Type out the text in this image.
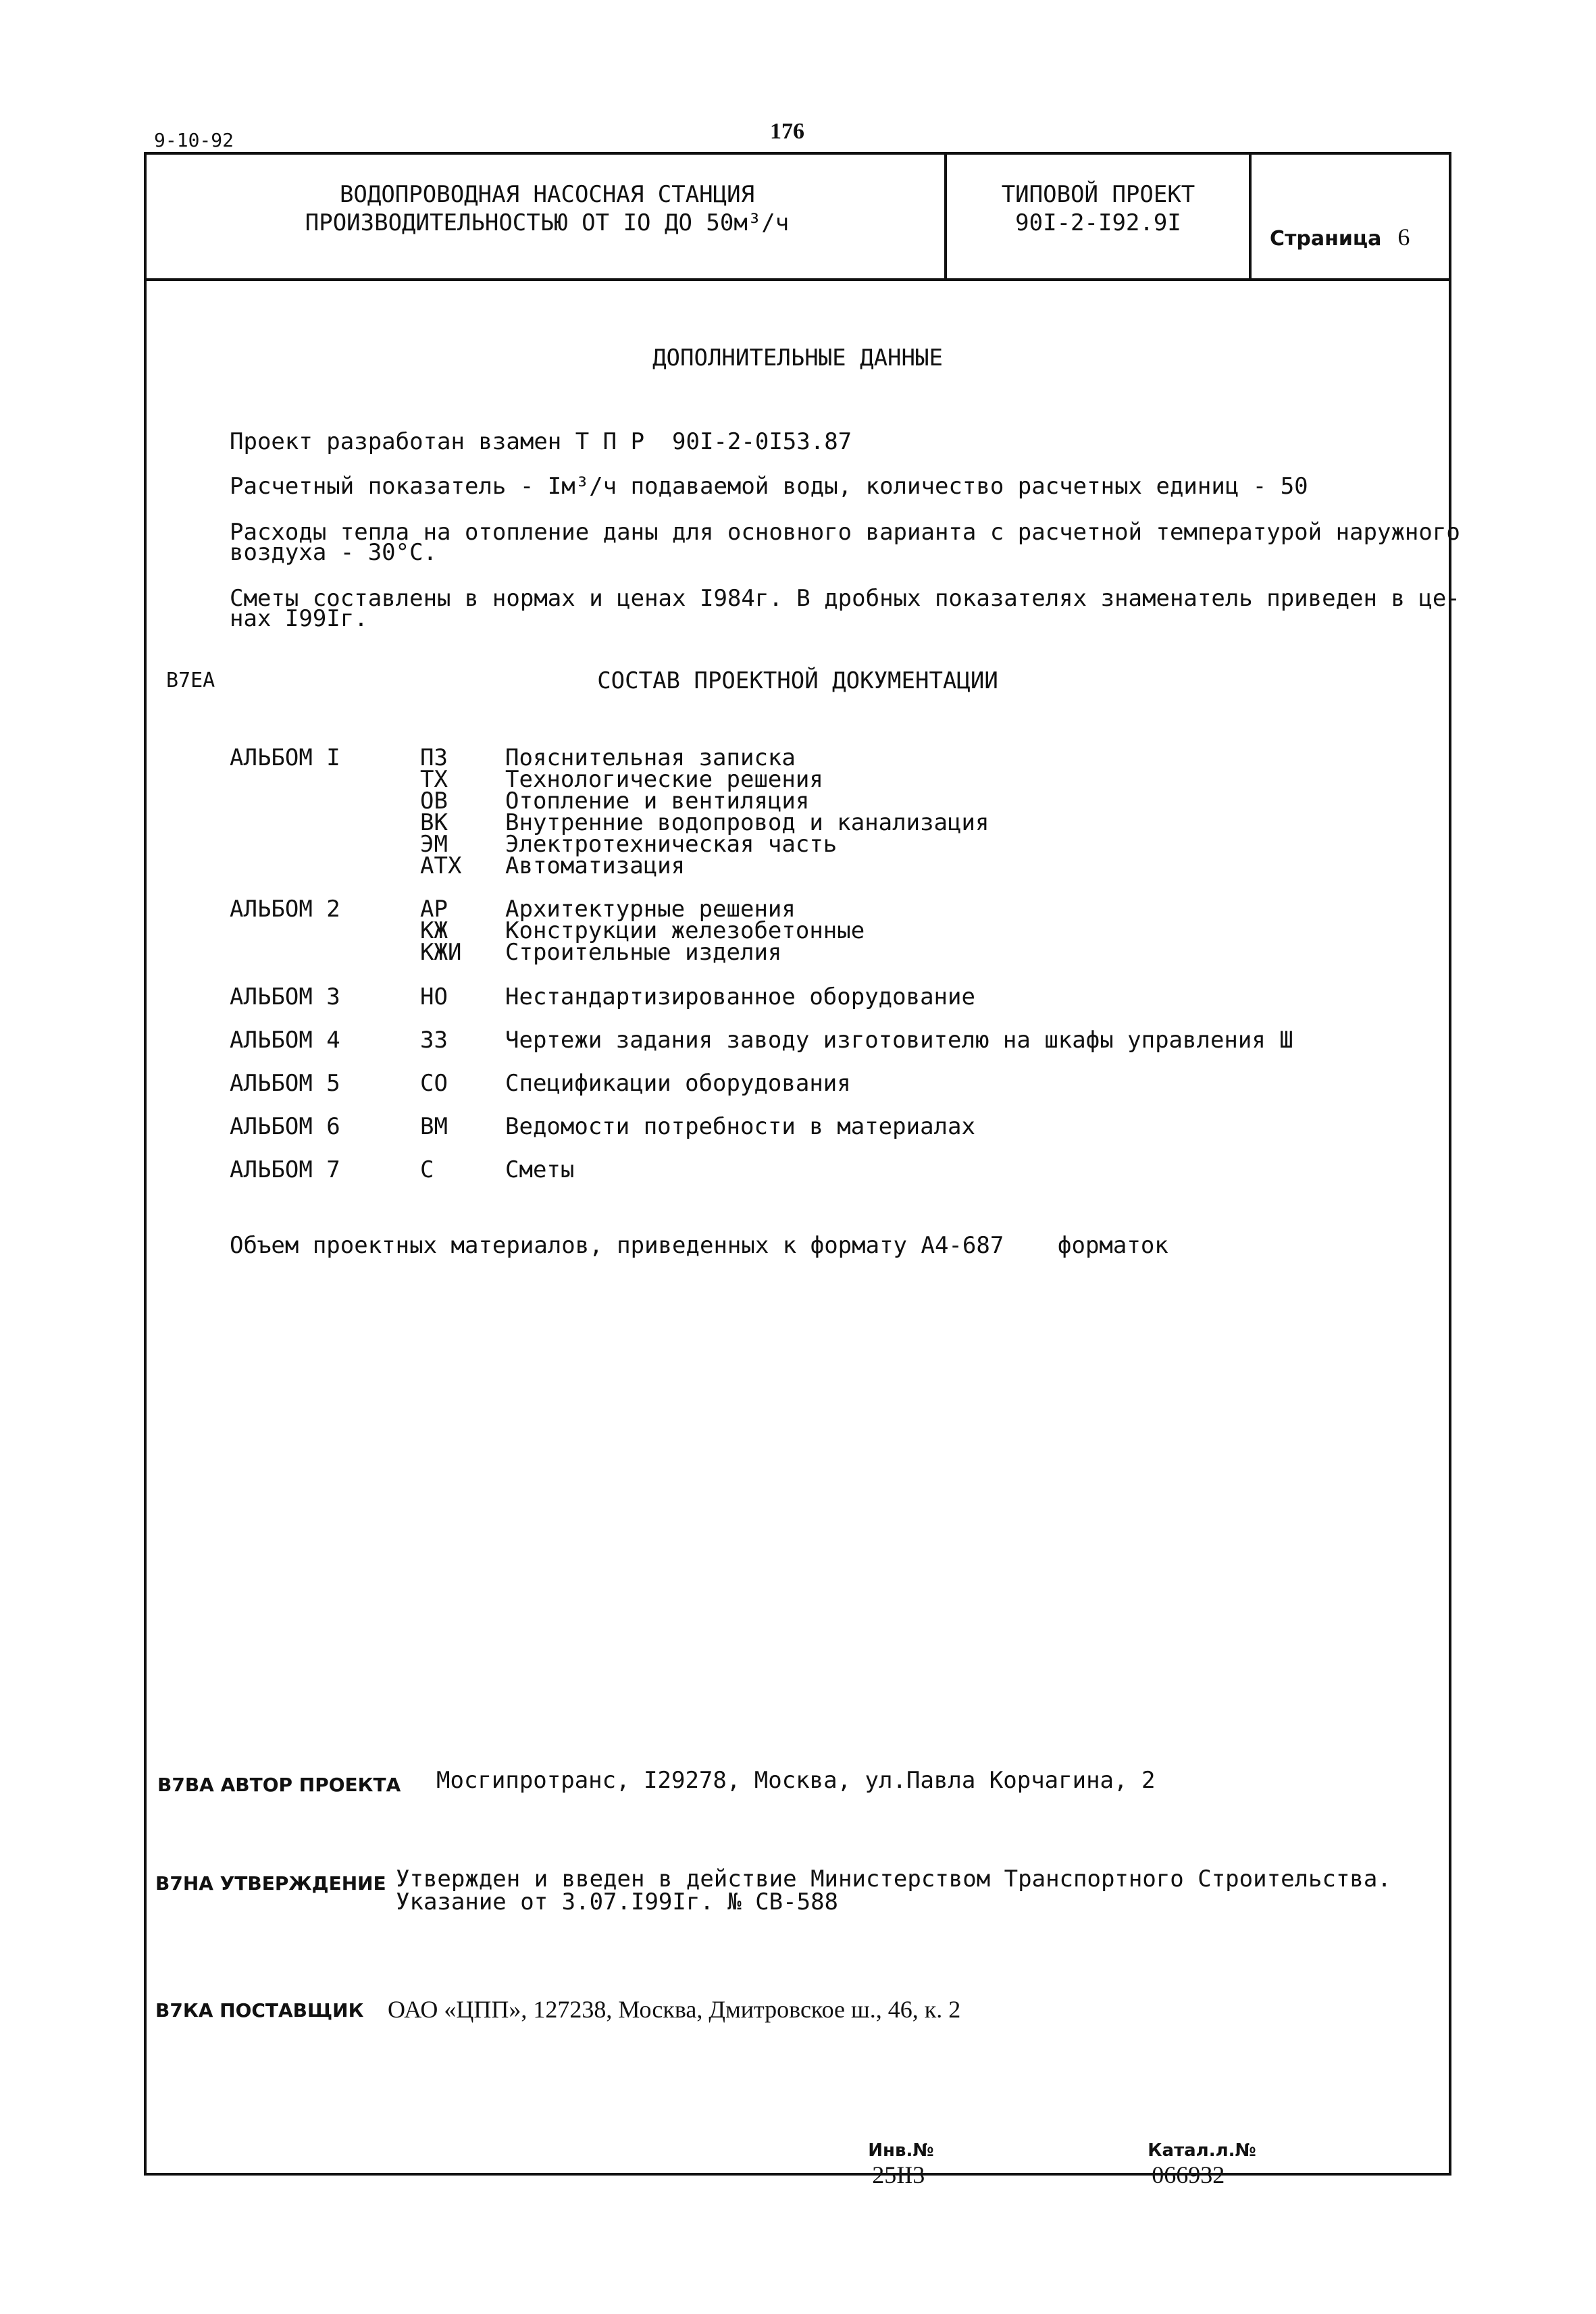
9-10-92	176
ВОДОПРОВОДНАЯ НАСОСНАЯ СТАНЦИЯ
ПРОИЗВОДИТЕЛЬНОСТЬЮ ОТ IO ДО 50м³/ч
ТИПОВОЙ ПРОЕКТ
90I-2-I92.9I
Страница 6
ДОПОЛНИТЕЛЬНЫЕ ДАННЫЕ
Проект разработан взамен Т П Р  90I-2-0I53.87
Расчетный показатель - Iм³/ч подаваемой воды, количество расчетных единиц - 50
Расходы тепла на отопление даны для основного варианта с расчетной температурой наружного
воздуха - 30°С.
Сметы составлены в нормах и ценах I984г. В дробных показателях знаменатель приведен в це-
нах I99Iг.
В7ЕА	СОСТАВ ПРОЕКТНОЙ ДОКУМЕНТАЦИИ
АЛЬБОМ I	ПЗ	Пояснительная записка
ТХ	Технологические решения
ОВ	Отопление и вентиляция
ВК	Внутренние водопровод и канализация
ЭМ	Электротехническая часть
АТХ Автоматизация
АЛЬБОМ 2	АР	Архитектурные решения
КЖ	Конструкции железобетонные
КЖИ Строительные изделия
АЛЬБОМ 3	НО	Нестандартизированное оборудование
АЛЬБОМ 4	33	Чертежи задания заводу изготовителю на шкафы управления Ш
АЛЬБОМ 5	СО	Спецификации оборудования
АЛЬБОМ 6	ВМ	Ведомости потребности в материалах
АЛЬБОМ 7	С	Сметы
Объем проектных материалов, приведенных к формату А4-687 форматок
В7ВА АВТОР ПРОЕКТА Мосгипротранс, I29278, Москва, ул.Павла Корчагина, 2
В7НА УТВЕРЖДЕНИЕ Утвержден и введен в действие Министерством Транспортного Строительства.
Указание от 3.07.I99Iг. № СВ-588
В7КА ПОСТАВЩИК ОАО «ЦПП», 127238, Москва, Дмитровское ш., 46, к. 2

Инв.№
25II3

Катал.л.№
066932
